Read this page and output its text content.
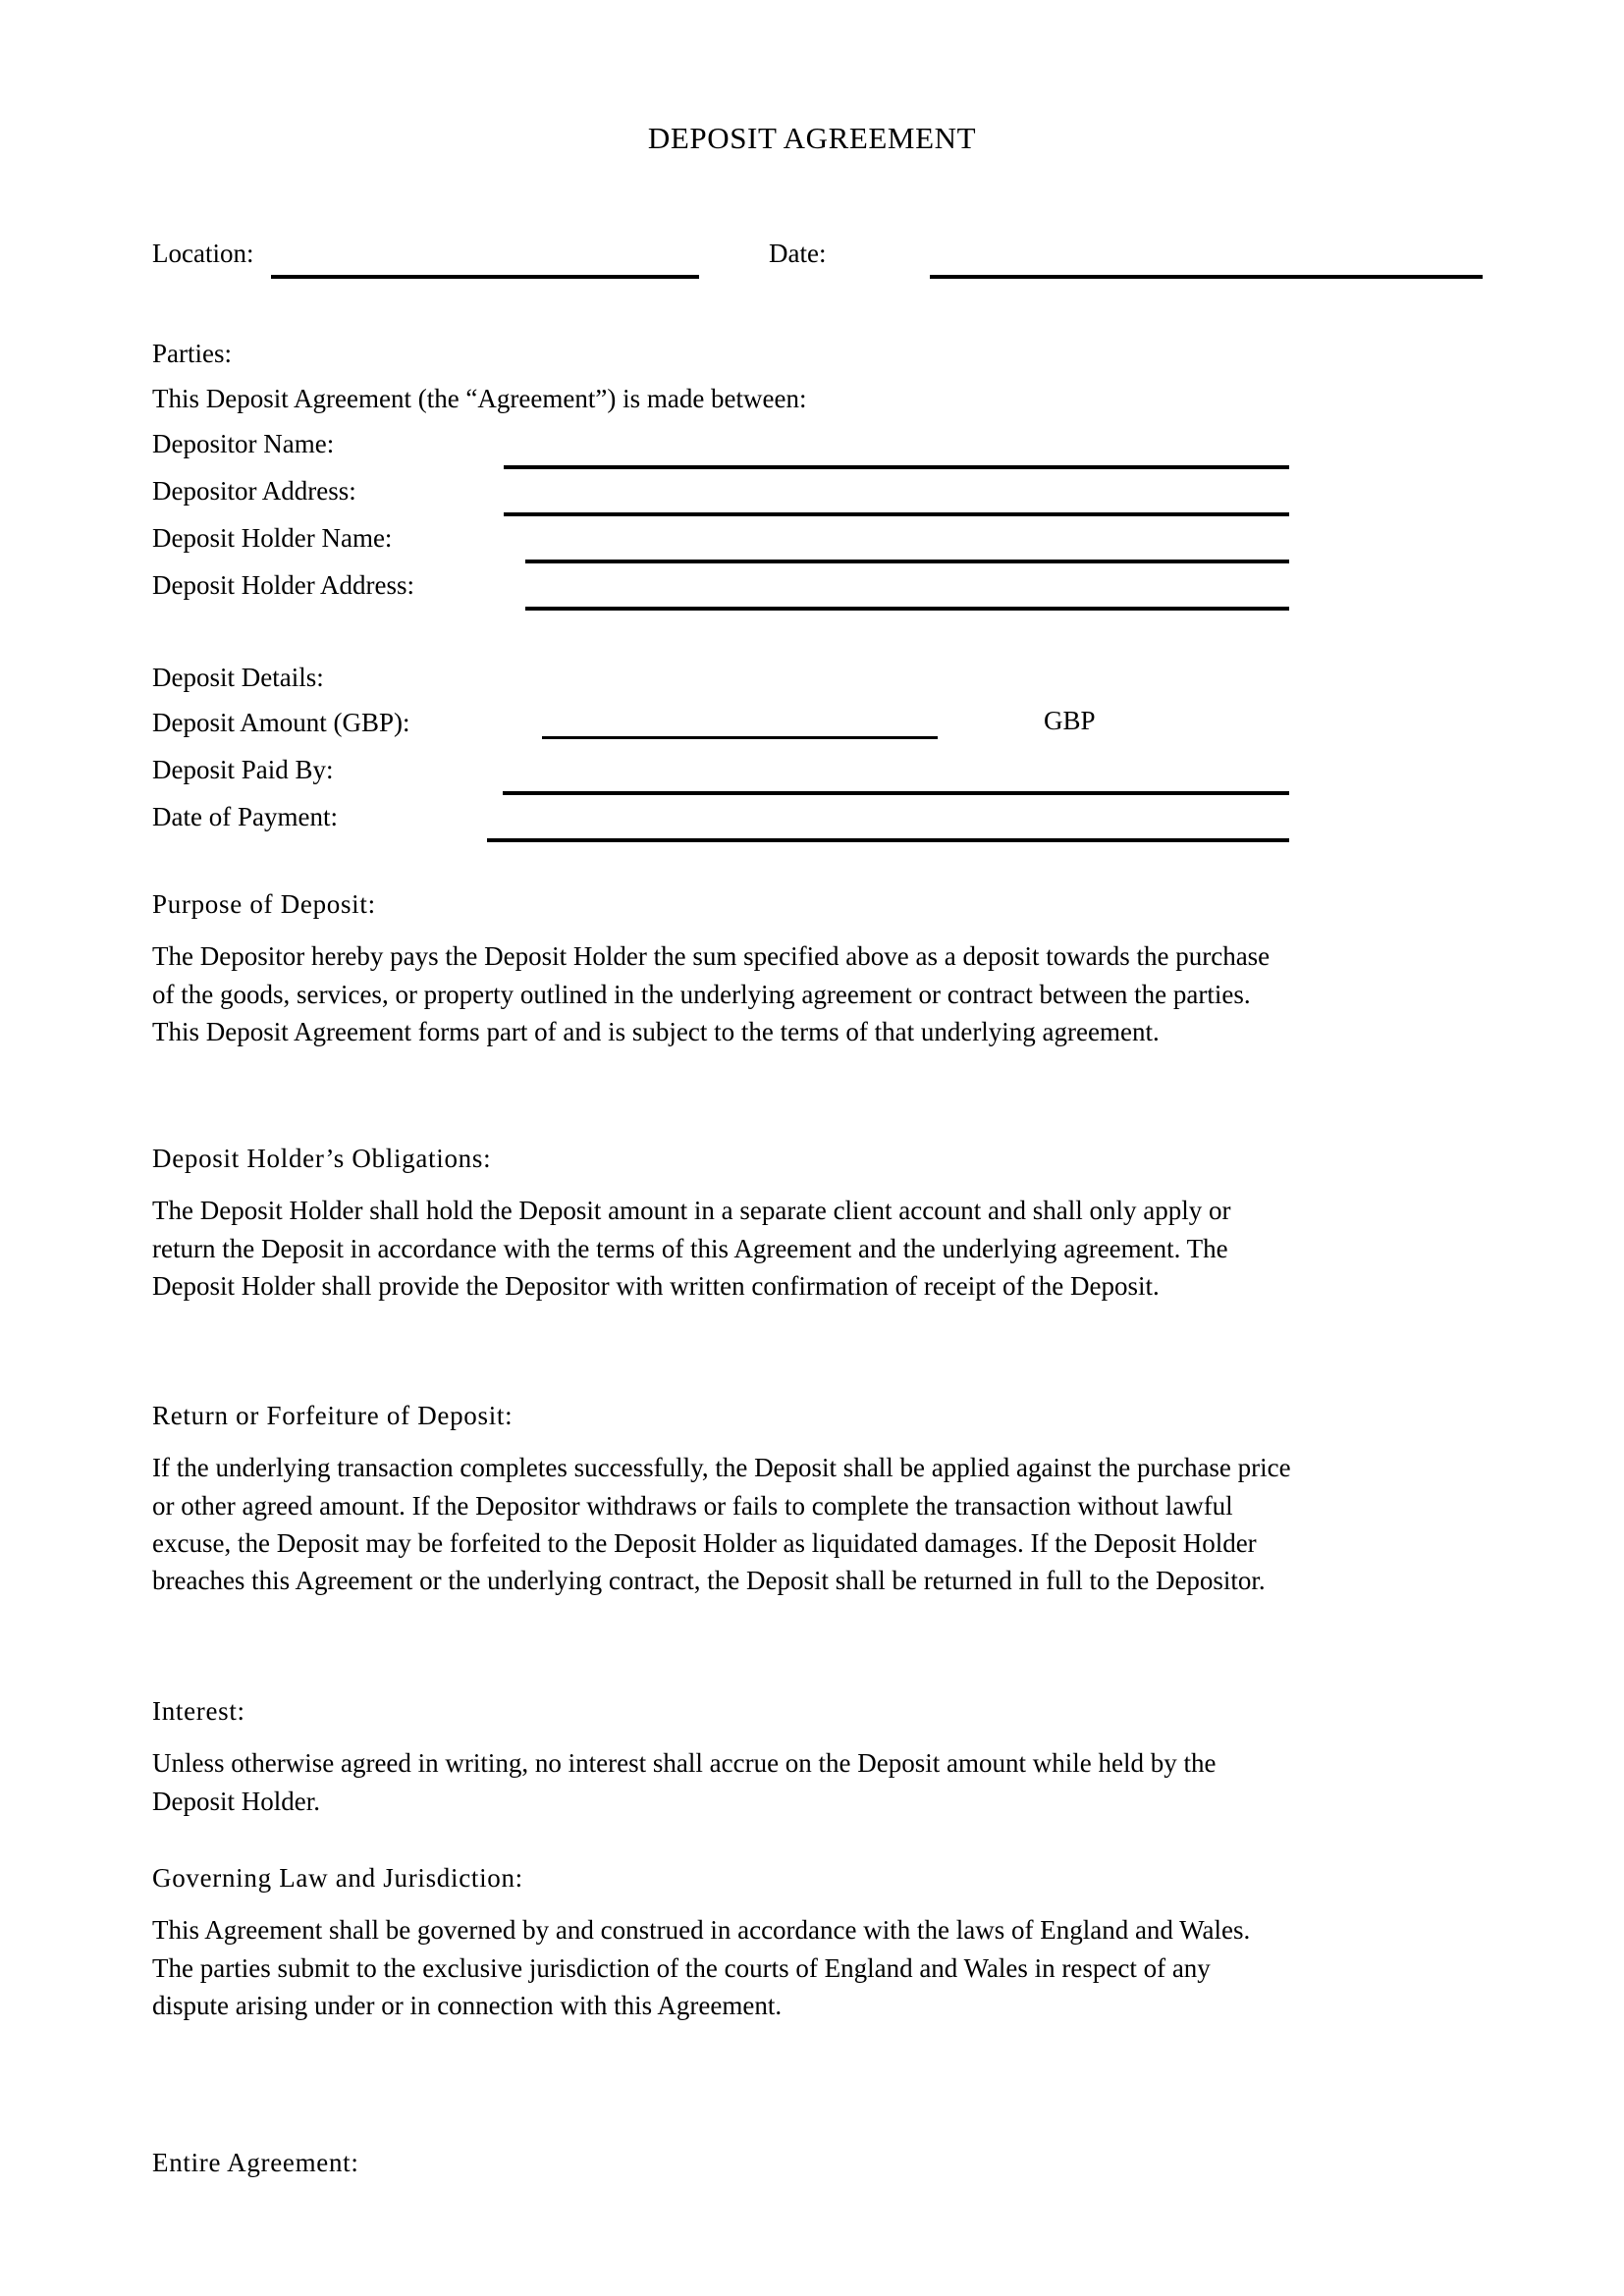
DEPOSIT AGREEMENT
Location:	Date:
Parties:
This Deposit Agreement (the “Agreement”) is made between:
Depositor Name:
Depositor Address:
Deposit Holder Name:
Deposit Holder Address:
Deposit Details:
Deposit Amount (GBP):	GBP
Deposit Paid By:
Date of Payment:

Purpose of Deposit:

The Depositor hereby pays the Deposit Holder the sum specified above as a deposit towards the purchase of the goods, services, or property outlined in the underlying agreement or contract between the parties. This Deposit Agreement forms part of and is subject to the terms of that underlying agreement.

Deposit Holder’s Obligations:

The Deposit Holder shall hold the Deposit amount in a separate client account and shall only apply or return the Deposit in accordance with the terms of this Agreement and the underlying agreement. The Deposit Holder shall provide the Depositor with written confirmation of receipt of the Deposit.

Return or Forfeiture of Deposit:

If the underlying transaction completes successfully, the Deposit shall be applied against the purchase price or other agreed amount. If the Depositor withdraws or fails to complete the transaction without lawful excuse, the Deposit may be forfeited to the Deposit Holder as liquidated damages. If the Deposit Holder breaches this Agreement or the underlying contract, the Deposit shall be returned in full to the Depositor.

Interest:

Unless otherwise agreed in writing, no interest shall accrue on the Deposit amount while held by the Deposit Holder.

Governing Law and Jurisdiction:

This Agreement shall be governed by and construed in accordance with the laws of England and Wales. The parties submit to the exclusive jurisdiction of the courts of England and Wales in respect of any dispute arising under or in connection with this Agreement.

Entire Agreement:
